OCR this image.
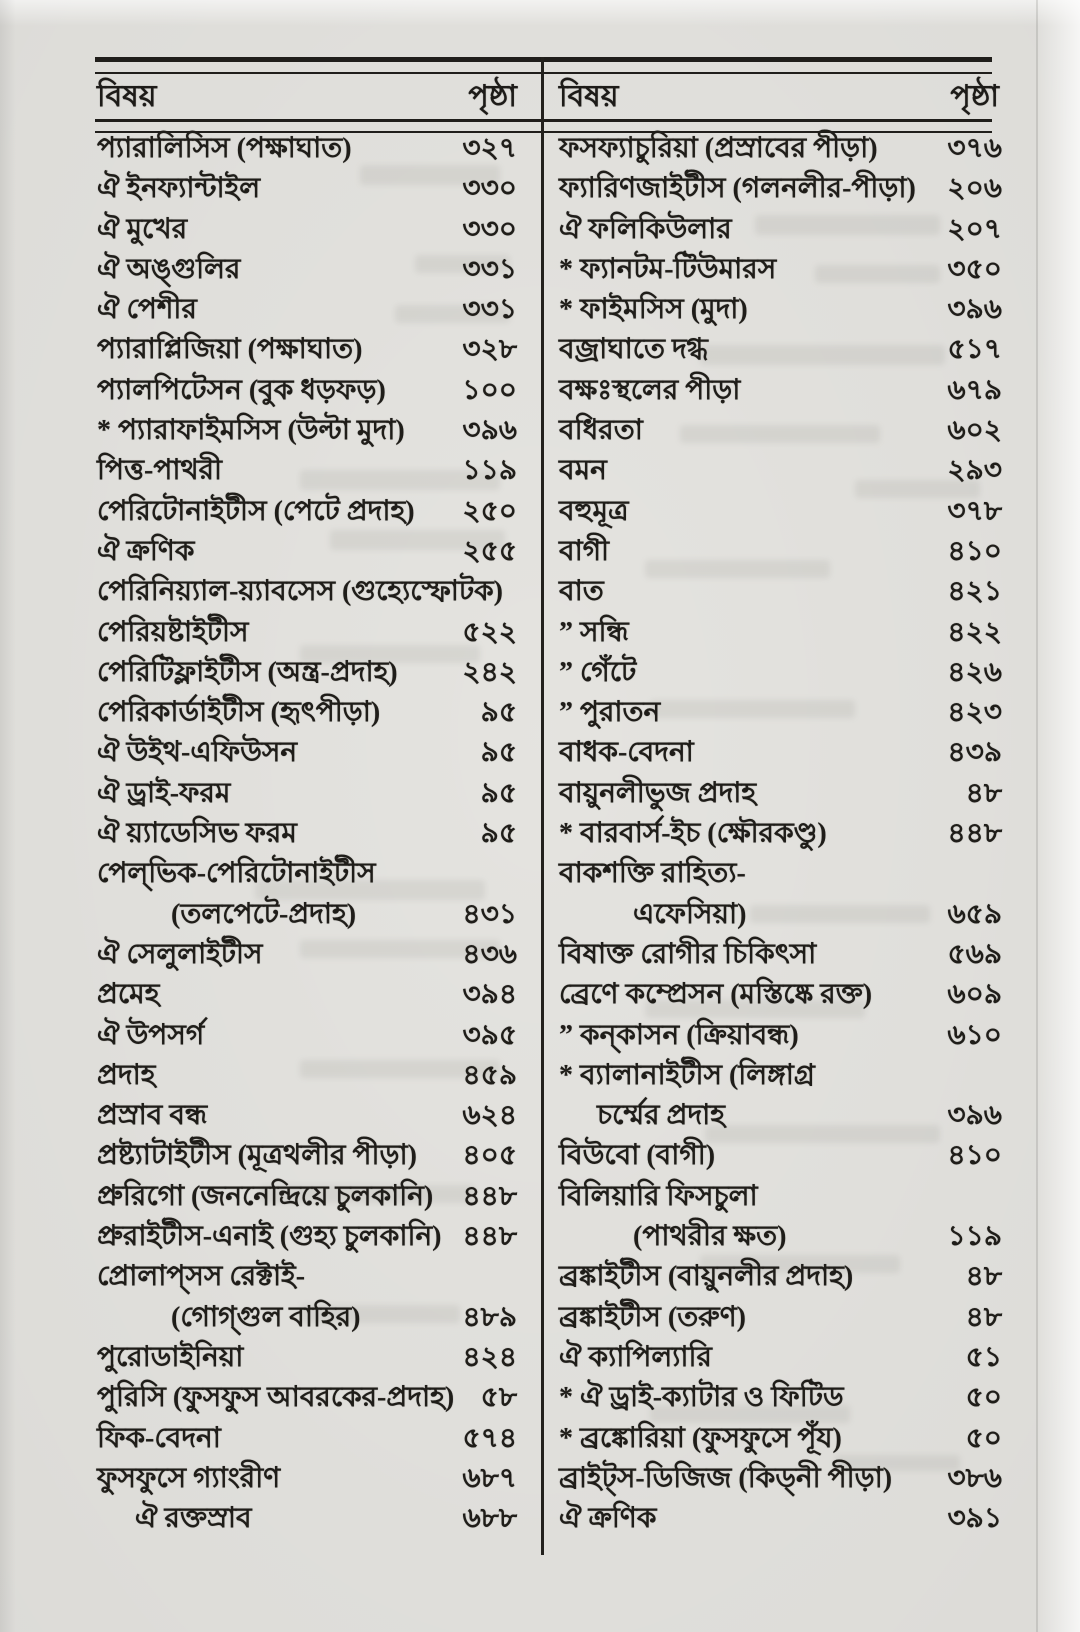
বিষয়	পৃষ্ঠা বিষয়	পৃষ্ঠা
প্যারালিসিস (পক্ষাঘাত)	৩২৭
ঐ ইনফ্যান্টাইল	৩৩০
ঐ মুখের	৩৩০
ঐ অঙ্গুলির	৩৩১
ঐ পেশীর	৩৩১
প্যারাপ্লিজিয়া (পক্ষাঘাত)	৩২৮
প্যালপিটেসন (বুক ধড়ফড়)	১০০
* প্যারাফাইমসিস (উল্টা মুদা) ৩৯৬
পিত্ত-পাথরী	১১৯
পেরিটোনাইটীস (পেটে প্রদাহ) ২৫০
ঐ ক্রণিক	২৫৫
পেরিনিয়্যাল-য়্যাবসেস (গুহ্যেস্ফোটক)
পেরিয়ষ্টাইটীস	৫২২
পেরিটিফ্লাইটীস (অন্ত্র-প্রদাহ) ২৪২
পেরিকার্ডাইটীস (হৃৎপীড়া)	৯৫
ঐ উইথ-এফিউসন	৯৫
ঐ ড্রাই-ফরম	৯৫
ঐ য়্যাডেসিভ ফরম	৯৫
পেল্‌ভিক-পেরিটোনাইটীস
(তলপেটে-প্রদাহ)	৪৩১
ঐ সেলুলাইটীস	৪৩৬
প্রমেহ	৩৯৪
ঐ উপসর্গ	৩৯৫
প্রদাহ	৪৫৯
প্রস্রাব বন্ধ	৬২৪
প্রষ্ট্যাটাইটীস (মূত্রথলীর পীড়া) ৪০৫
প্রুরিগো (জননেন্দ্রিয়ে চুলকানি) ৪৪৮
প্রুরাইটীস-এনাই (গুহ্য চুলকানি) ৪৪৮
প্রোলাপ্‌সস রেক্টাই-
(গোগ্‌গুল বাহির)	৪৮৯
পুরোডাইনিয়া	৪২৪
পুরিসি (ফুসফুস আবরকের-প্রদাহ) ৫৮
ফিক-বেদনা	৫৭৪
ফুসফুসে গ্যাংরীণ	৬৮৭
ঐ রক্তস্রাব	৬৮৮
ফসফ্যাচুরিয়া (প্রস্রাবের পীড়া) ৩৭৬
ফ্যারিণজাইটীস (গলনলীর-পীড়া) ২০৬
ঐ ফলিকিউলার	২০৭
* ফ্যানটম-টিউমারস	৩৫০
* ফাইমসিস (মুদা)	৩৯৬
বজ্রাঘাতে দগ্ধ	৫১৭
বক্ষঃস্থলের পীড়া	৬৭৯
বধিরতা	৬০২
বমন	২৯৩
বহুমূত্র	৩৭৮
বাগী	৪১০
বাত	৪২১
” সন্ধি	৪২২
” গেঁটে	৪২৬
” পুরাতন	৪২৩
বাধক-বেদনা	৪৩৯
বায়ুনলীভুজ প্রদাহ	৪৮
* বারবার্স-ইচ (ক্ষৌরকণ্ডু)	৪৪৮
বাকশক্তি রাহিত্য-
এফেসিয়া)	৬৫৯
বিষাক্ত রোগীর চিকিৎসা	৫৬৯
ব্রেণে কম্প্রেসন (মস্তিষ্কে রক্ত)	৬০৯
” কন্‌কাসন (ক্রিয়াবন্ধ)	৬১০
* ব্যালানাইটীস (লিঙ্গাগ্র
চর্ম্মের প্রদাহ	৩৯৬
বিউবো (বাগী)	৪১০
বিলিয়ারি ফিসচুলা
(পাথরীর ক্ষত)	১১৯
ব্রঙ্কাইটীস (বায়ুনলীর প্রদাহ)	৪৮
ব্রঙ্কাইটীস (তরুণ)	৪৮
ঐ ক্যাপিল্যারি	৫১
* ঐ ড্রাই-ক্যাটার ও ফিটিড	৫০
* ব্রঙ্কোরিয়া (ফুসফুসে পূঁয)	৫০
ব্রাইট্‌স-ডিজিজ (কিড্‌নী পীড়া) ৩৮৬
ঐ ক্রণিক	৩৯১
